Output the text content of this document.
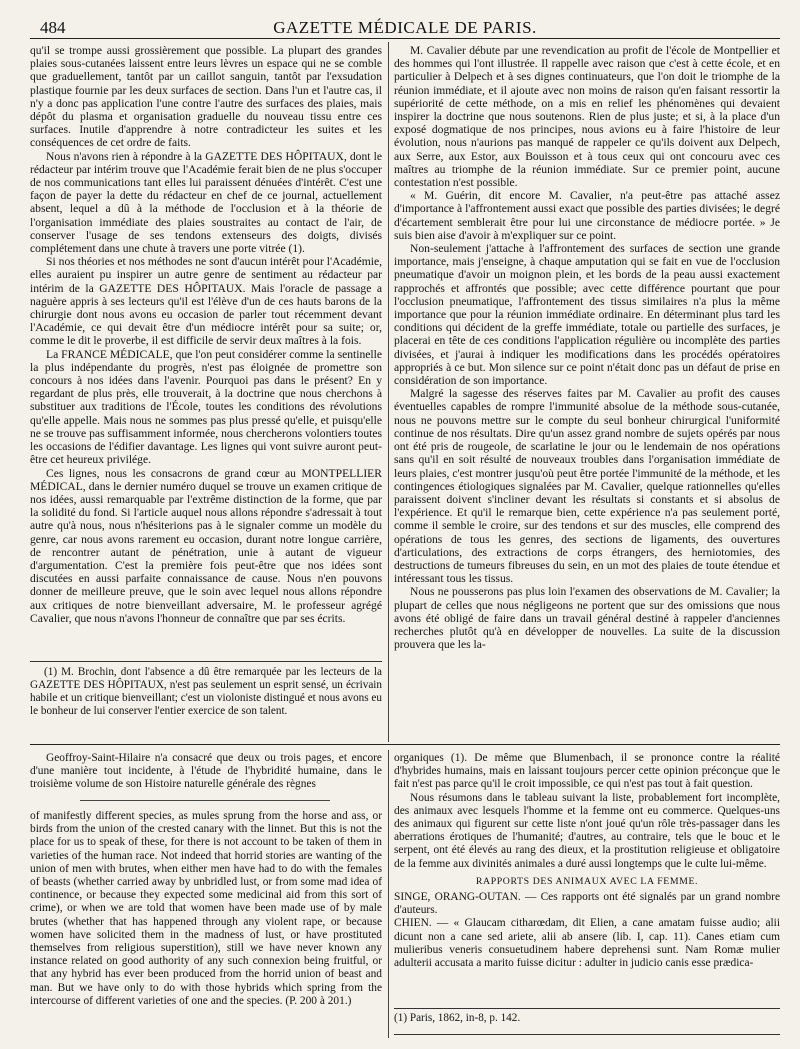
484	GAZETTE MÉDICALE DE PARIS.

qu'il se trompe aussi grossièrement que possible. La plupart des grandes plaies sous-cutanées laissent entre leurs lèvres un espace qui ne se comble que graduellement, tantôt par un caillot sanguin, tantôt par l'exsudation plastique fournie par les deux surfaces de section. Dans l'un et l'autre cas, il n'y a donc pas application l'une contre l'autre des surfaces des plaies, mais dépôt du plasma et organisation graduelle du nouveau tissu entre ces surfaces. Inutile d'apprendre à notre contradicteur les suites et les conséquences de cet ordre de faits.

Nous n'avons rien à répondre à la GAZETTE DES HÔPITAUX, dont le rédacteur par intérim trouve que l'Académie ferait bien de ne plus s'occuper de nos communications tant elles lui paraissent dénuées d'intérêt. C'est une façon de payer la dette du rédacteur en chef de ce journal, actuellement absent, lequel a dû à la méthode de l'occlusion et à la théorie de l'organisation immédiate des plaies soustraites au contact de l'air, de conserver l'usage de ses tendons extenseurs des doigts, divisés complétement dans une chute à travers une porte vitrée (1).

Si nos théories et nos méthodes ne sont d'aucun intérêt pour l'Académie, elles auraient pu inspirer un autre genre de sentiment au rédacteur par intérim de la GAZETTE DES HÔPITAUX. Mais l'oracle de passage a naguère appris à ses lecteurs qu'il est l'élève d'un de ces hauts barons de la chirurgie dont nous avons eu occasion de parler tout récemment devant l'Académie, ce qui devait être d'un médiocre intérêt pour sa suite; or, comme le dit le proverbe, il est difficile de servir deux maîtres à la fois.

La FRANCE MÉDICALE, que l'on peut considérer comme la sentinelle la plus indépendante du progrès, n'est pas éloignée de promettre son concours à nos idées dans l'avenir. Pourquoi pas dans le présent? En y regardant de plus près, elle trouverait, à la doctrine que nous cherchons à substituer aux traditions de l'École, toutes les conditions des révolutions qu'elle appelle. Mais nous ne sommes pas plus pressé qu'elle, et puisqu'elle ne se trouve pas suffisamment informée, nous chercherons volontiers toutes les occasions de l'édifier davantage. Les lignes qui vont suivre auront peut-être cet heureux privilége.

Ces lignes, nous les consacrons de grand cœur au MONTPELLIER MÉDICAL, dans le dernier numéro duquel se trouve un examen critique de nos idées, aussi remarquable par l'extrême distinction de la forme, que par la solidité du fond. Si l'article auquel nous allons répondre s'adressait à tout autre qu'à nous, nous n'hésiterions pas à le signaler comme un modèle du genre, car nous avons rarement eu occasion, durant notre longue carrière, de rencontrer autant de pénétration, unie à autant de vigueur d'argumentation. C'est la première fois peut-être que nos idées sont discutées en aussi parfaite connaissance de cause. Nous n'en pouvons donner de meilleure preuve, que le soin avec lequel nous allons répondre aux critiques de notre bienveillant adversaire, M. le professeur agrégé Cavalier, que nous n'avons l'honneur de connaître que par ses écrits.

M. Cavalier débute par une revendication au profit de l'école de Montpellier et des hommes qui l'ont illustrée. Il rappelle avec raison que c'est à cette école, et en particulier à Delpech et à ses dignes continuateurs, que l'on doit le triomphe de la réunion immédiate, et il ajoute avec non moins de raison qu'en faisant ressortir la supériorité de cette méthode, on a mis en relief les phénomènes qui devaient inspirer la doctrine que nous soutenons. Rien de plus juste; et si, à la place d'un exposé dogmatique de nos principes, nous avions eu à faire l'histoire de leur évolution, nous n'aurions pas manqué de rappeler ce qu'ils doivent aux Delpech, aux Serre, aux Estor, aux Bouisson et à tous ceux qui ont concouru avec ces maîtres au triomphe de la réunion immédiate. Sur ce premier point, aucune contestation n'est possible.

« M. Guérin, dit encore M. Cavalier, n'a peut-être pas attaché assez d'importance à l'affrontement aussi exact que possible des parties divisées; le degré d'écartement semblerait être pour lui une circonstance de médiocre portée. » Je suis bien aise d'avoir à m'expliquer sur ce point.

Non-seulement j'attache à l'affrontement des surfaces de section une grande importance, mais j'enseigne, à chaque amputation qui se fait en vue de l'occlusion pneumatique d'avoir un moignon plein, et les bords de la peau aussi exactement rapprochés et affrontés que possible; avec cette différence pourtant que pour l'occlusion pneumatique, l'affrontement des tissus similaires n'a plus la même importance que pour la réunion immédiate ordinaire. En déterminant plus tard les conditions qui décident de la greffe immédiate, totale ou partielle des surfaces, je placerai en tête de ces conditions l'application régulière ou incomplète des parties divisées, et j'aurai à indiquer les modifications dans les procédés opératoires appropriés à ce but. Mon silence sur ce point n'était donc pas un défaut de prise en considération de son importance.

Malgré la sagesse des réserves faites par M. Cavalier au profit des causes éventuelles capables de rompre l'immunité absolue de la méthode sous-cutanée, nous ne pouvons mettre sur le compte du seul bonheur chirurgical l'uniformité continue de nos résultats. Dire qu'un assez grand nombre de sujets opérés par nous ont été pris de rougeole, de scarlatine le jour ou le lendemain de nos opérations sans qu'il en soit résulté de nouveaux troubles dans l'organisation immédiate de leurs plaies, c'est montrer jusqu'où peut être portée l'immunité de la méthode, et les contingences étiologiques signalées par M. Cavalier, quelque rationnelles qu'elles paraissent doivent s'incliner devant les résultats si constants et si absolus de l'expérience. Et qu'il le remarque bien, cette expérience n'a pas seulement porté, comme il semble le croire, sur des tendons et sur des muscles, elle comprend des opérations de tous les genres, des sections de ligaments, des ouvertures d'articulations, des extractions de corps étrangers, des herniotomies, des destructions de tumeurs fibreuses du sein, en un mot des plaies de toute étendue et intéressant tous les tissus.

Nous ne pousserons pas plus loin l'examen des observations de M. Cavalier; la plupart de celles que nous négligeons ne portent que sur des omissions que nous avons été obligé de faire dans un travail général destiné à rappeler d'anciennes recherches plutôt qu'à en développer de nouvelles. La suite de la discussion prouvera que les la-

(1) M. Brochin, dont l'absence a dû être remarquée par les lecteurs de la GAZETTE DES HÔPITAUX, n'est pas seulement un esprit sensé, un écrivain habile et un critique bienveillant; c'est un violoniste distingué et nous avons eu le bonheur de lui conserver l'entier exercice de son talent.

Geoffroy-Saint-Hilaire n'a consacré que deux ou trois pages, et encore d'une manière tout incidente, à l'étude de l'hybridité humaine, dans le troisième volume de son Histoire naturelle générale des règnes

of manifestly different species, as mules sprung from the horse and ass, or birds from the union of the crested canary with the linnet. But this is not the place for us to speak of these, for there is not account to be taken of them in varieties of the human race. Not indeed that horrid stories are wanting of the union of men with brutes, when either men have had to do with the females of beasts (whether carried away by unbridled lust, or from some mad idea of continence, or because they expected some medicinal aid from this sort of crime), or when we are told that women have been made use of by male brutes (whether that has happened through any violent rape, or because women have solicited them in the madness of lust, or have prostituted themselves from religious superstition), still we have never known any instance related on good authority of any such connexion being fruitful, or that any hybrid has ever been produced from the horrid union of beast and man. But we have only to do with those hybrids which spring from the intercourse of different varieties of one and the species. (P. 200 à 201.)

organiques (1). De même que Blumenbach, il se prononce contre la réalité d'hybrides humains, mais en laissant toujours percer cette opinion préconçue que le fait n'est pas parce qu'il le croit impossible, ce qui n'est pas tout à fait question.

Nous résumons dans le tableau suivant la liste, probablement fort incomplète, des animaux avec lesquels l'homme et la femme ont eu commerce. Quelques-uns des animaux qui figurent sur cette liste n'ont joué qu'un rôle très-passager dans les aberrations érotiques de l'humanité; d'autres, au contraire, tels que le bouc et le serpent, ont été élevés au rang des dieux, et la prostitution religieuse et obligatoire de la femme aux divinités animales a duré aussi longtemps que le culte lui-même.

RAPPORTS DES ANIMAUX AVEC LA FEMME.

SINGE, ORANG-OUTAN. — Ces rapports ont été signalés par un grand nombre d'auteurs.

CHIEN. — « Glaucam citharœdam, dit Elien, a cane amatam fuisse audio; alii dicunt non a cane sed ariete, alii ab ansere (lib. I, cap. 11). Canes etiam cum mulieribus veneris consuetudinem habere deprehensi sunt. Nam Romæ mulier adulterii accusata a marito fuisse dicitur : adulter in judicio canis esse prædica-

(1) Paris, 1862, in-8, p. 142.
